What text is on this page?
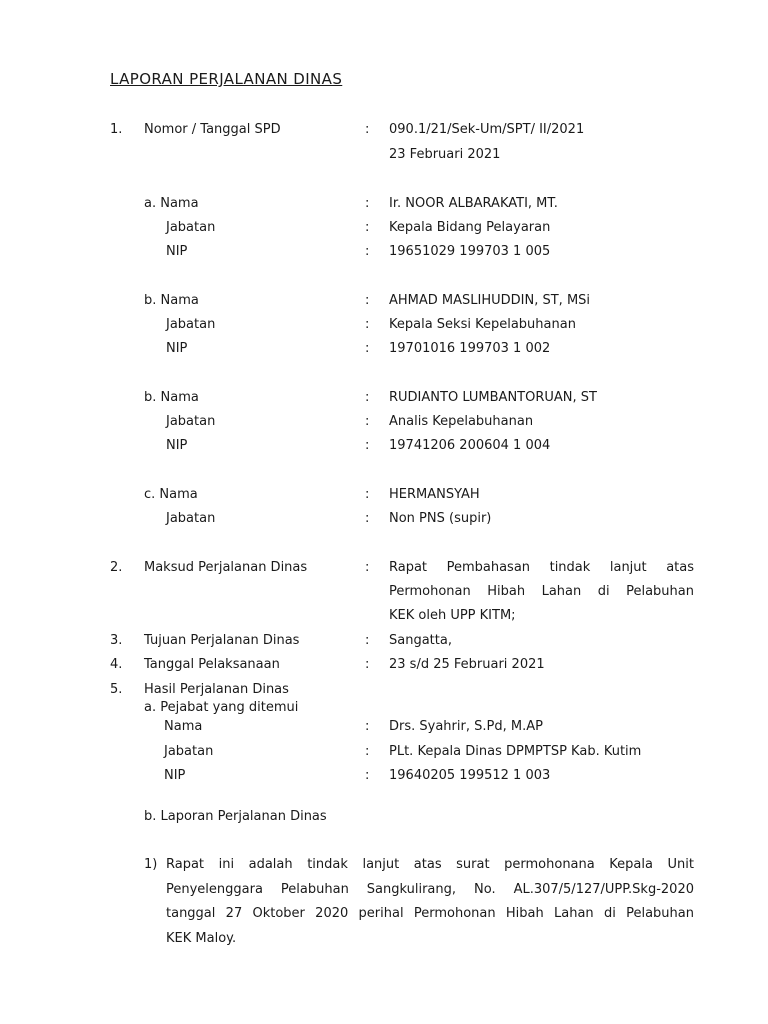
LAPORAN PERJALANAN DINAS
1. Nomor / Tanggal SPD	: 090.1/21/Sek-Um/SPT/ II/2021
23 Februari 2021
a. Nama	: Ir. NOOR ALBARAKATI, MT.
Jabatan	: Kepala Bidang Pelayaran
NIP	: 19651029 199703 1 005
b. Nama	: AHMAD MASLIHUDDIN, ST, MSi
Jabatan	: Kepala Seksi Kepelabuhanan
NIP	: 19701016 199703 1 002
b. Nama	: RUDIANTO LUMBANTORUAN, ST
Jabatan	: Analis Kepelabuhanan
NIP	: 19741206 200604 1 004
c. Nama	: HERMANSYAH
Jabatan	: Non PNS (supir)
2. Maksud Perjalanan Dinas	: Rapat Pembahasan tindak lanjut atas
Permohonan Hibah Lahan di Pelabuhan
KEK oleh UPP KITM;
3. Tujuan Perjalanan Dinas	: Sangatta,
4. Tanggal Pelaksanaan	: 23 s/d 25 Februari 2021
5. Hasil Perjalanan Dinas
a. Pejabat yang ditemui
Nama	: Drs. Syahrir, S.Pd, M.AP
Jabatan	: PLt. Kepala Dinas DPMPTSP Kab. Kutim
NIP	: 19640205 199512 1 003
b. Laporan Perjalanan Dinas
1) Rapat ini adalah tindak lanjut atas surat permohonana Kepala Unit
Penyelenggara Pelabuhan Sangkulirang, No. AL.307/5/127/UPP.Skg-2020
tanggal 27 Oktober 2020 perihal Permohonan Hibah Lahan di Pelabuhan
KEK Maloy.
